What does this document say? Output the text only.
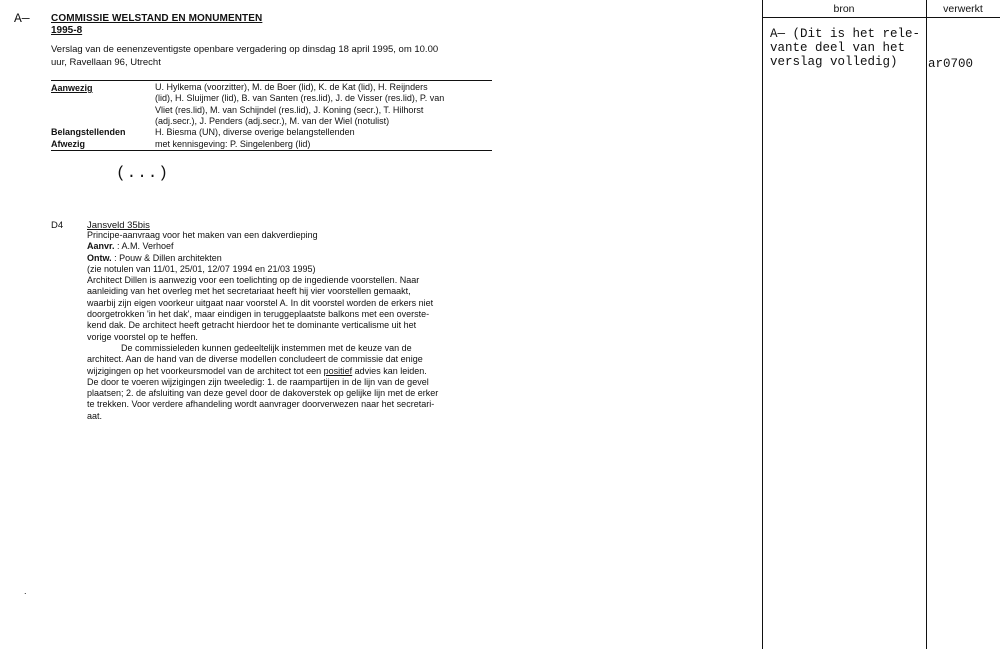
A— COMMISSIE WELSTAND EN MONUMENTEN
1995-8
Verslag van de eenenzeventigste openbare vergadering op dinsdag 18 april 1995, om 10.00
uur, Ravellaan 96, Utrecht
Aanwezig	U. Hylkema (voorzitter), M. de Boer (lid), K. de Kat (lid), H. Reijnders
(lid), H. Sluijmer (lid), B. van Santen (res.lid), J. de Visser (res.lid), P. van
Vliet (res.lid), M. van Schijndel (res.lid), J. Koning (secr.), T. Hilhorst
(adj.secr.), J. Penders (adj.secr.), M. van der Wiel (notulist)
Belangstellenden	H. Biesma (UN), diverse overige belangstellenden
Afwezig	met kennisgeving: P. Singelenberg (lid)
(...)
D4	Jansveld 35bis
Principe-aanvraag voor het maken van een dakverdieping
Aanvr. : A.M. Verhoef
Ontw. : Pouw & Dillen architekten
(zie notulen van 11/01, 25/01, 12/07 1994 en 21/03 1995)
Architect Dillen is aanwezig voor een toelichting op de ingediende voorstellen. Naar
aanleiding van het overleg met het secretariaat heeft hij vier voorstellen gemaakt,
waarbij zijn eigen voorkeur uitgaat naar voorstel A. In dit voorstel worden de erkers niet
doorgetrokken 'in het dak', maar eindigen in teruggeplaatste balkons met een overste-
kend dak. De architect heeft getracht hierdoor het te dominante verticalisme uit het
vorige voorstel op te heffen.
De commissieleden kunnen gedeeltelijk instemmen met de keuze van de
architect. Aan de hand van de diverse modellen concludeert de commissie dat enige
wijzigingen op het voorkeursmodel van de architect tot een positief advies kan leiden.
De door te voeren wijzigingen zijn tweeledig: 1. de raampartijen in de lijn van de gevel
plaatsen; 2. de afsluiting van deze gevel door de dakoverstek op gelijke lijn met de erker
te trekken. Voor verdere afhandeling wordt aanvrager doorverwezen naar het secretari-
aat.
.
bron	verwerkt
A— (Dit is het rele-
vante deel van het
verslag volledig)	ar0700
